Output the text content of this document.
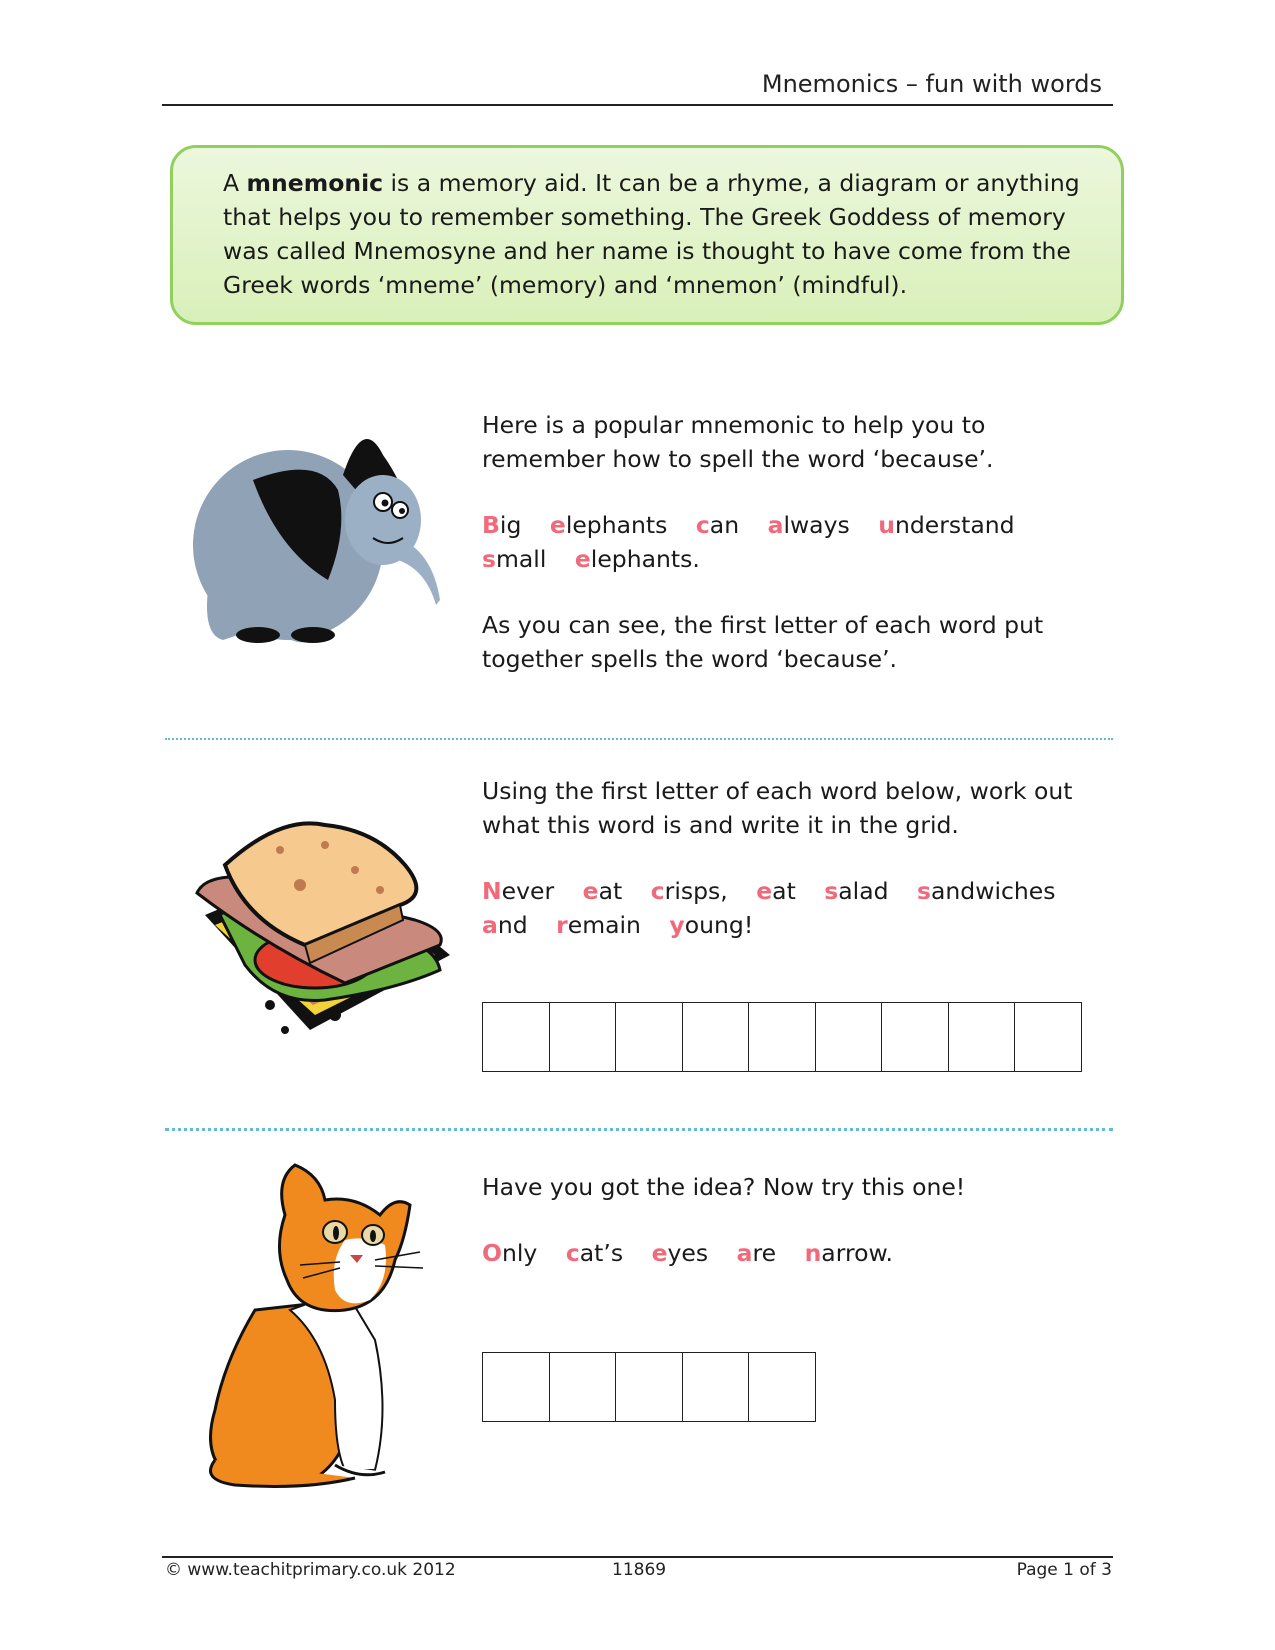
Mnemonics – fun with words

A mnemonic is a memory aid. It can be a rhyme, a diagram or anything that helps you to remember something. The Greek Goddess of memory was called Mnemosyne and her name is thought to have come from the Greek words ‘mneme’ (memory) and ‘mnemon’ (mindful).

Here is a popular mnemonic to help you to remember how to spell the word ‘because’.

Big elephants can always understand small elephants.

As you can see, the first letter of each word put together spells the word ‘because’.

Using the first letter of each word below, work out what this word is and write it in the grid.

Never eat crisps, eat salad sandwiches and remain young!

Have you got the idea? Now try this one!

Only cat’s eyes are narrow.

© www.teachitprimary.co.uk 2012	11869	Page 1 of 3
